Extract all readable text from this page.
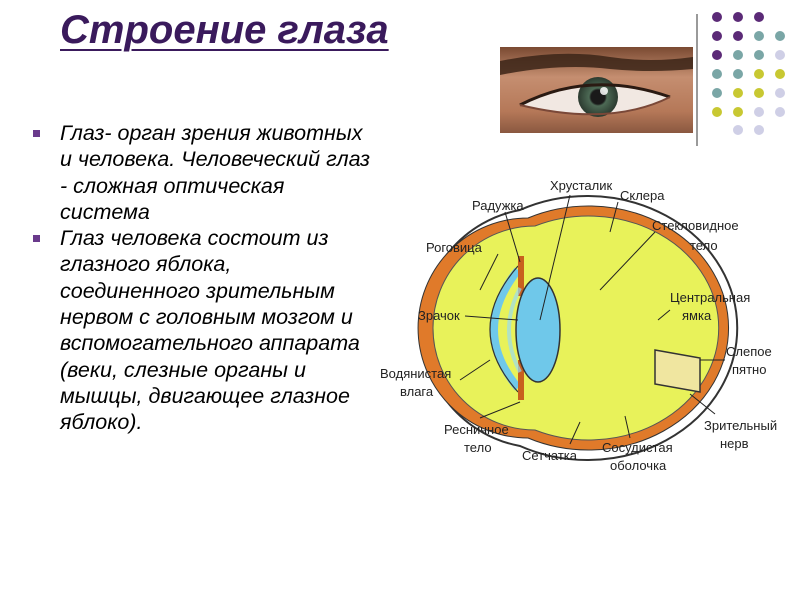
Строение глаза
Глаз- орган зрения животных и человека. Человеческий глаз - сложная оптическая система
Глаз человека состоит из глазного яблока, соединенного зрительным нервом с головным мозгом и вспомогательного аппарата (веки, слезные органы и мышцы, двигающее глазное яблоко).
Хрусталик
Склера
Радужка
Стекловидное
тело
Роговица
Центральная
ямка
Зрачок
Слепое
пятно
Водянистая
влага
Ресничное
тело
Сетчатка
Сосудистая
оболочка
Зрительный
нерв
